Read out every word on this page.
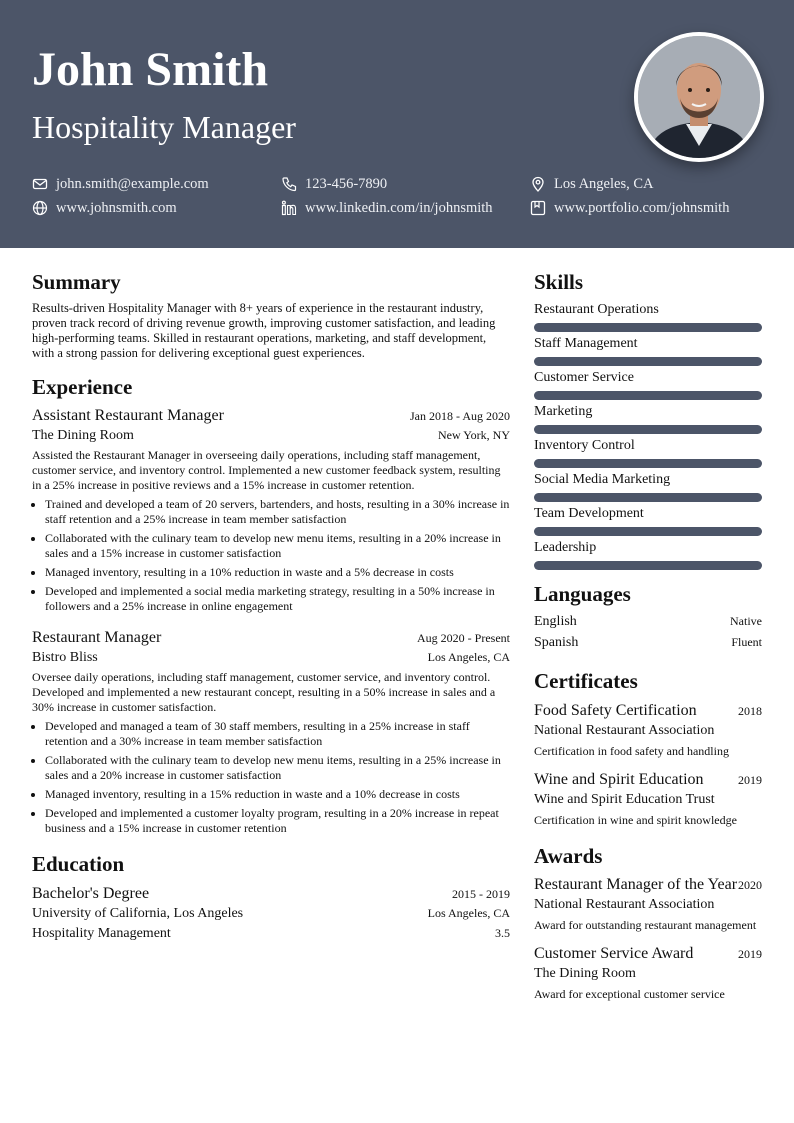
John Smith
Hospitality Manager
john.smith@example.com	123-456-7890	Los Angeles, CA
www.johnsmith.com	www.linkedin.com/in/johnsmith	www.portfolio.com/johnsmith
Summary
Results-driven Hospitality Manager with 8+ years of experience in the restaurant industry, proven track record of driving revenue growth, improving customer satisfaction, and leading high-performing teams. Skilled in restaurant operations, marketing, and staff development, with a strong passion for delivering exceptional guest experiences.
Experience
Assistant Restaurant Manager	Jan 2018 - Aug 2020
The Dining Room	New York, NY
Assisted the Restaurant Manager in overseeing daily operations, including staff management, customer service, and inventory control. Implemented a new customer feedback system, resulting in a 25% increase in positive reviews and a 15% increase in customer retention.
• Trained and developed a team of 20 servers, bartenders, and hosts, resulting in a 30% increase in staff retention and a 25% increase in team member satisfaction
• Collaborated with the culinary team to develop new menu items, resulting in a 20% increase in sales and a 15% increase in customer satisfaction
• Managed inventory, resulting in a 10% reduction in waste and a 5% decrease in costs
• Developed and implemented a social media marketing strategy, resulting in a 50% increase in followers and a 25% increase in online engagement
Restaurant Manager	Aug 2020 - Present
Bistro Bliss	Los Angeles, CA
Oversee daily operations, including staff management, customer service, and inventory control. Developed and implemented a new restaurant concept, resulting in a 50% increase in sales and a 30% increase in customer satisfaction.
• Developed and managed a team of 30 staff members, resulting in a 25% increase in staff retention and a 30% increase in team member satisfaction
• Collaborated with the culinary team to develop new menu items, resulting in a 25% increase in sales and a 20% increase in customer satisfaction
• Managed inventory, resulting in a 15% reduction in waste and a 10% decrease in costs
• Developed and implemented a customer loyalty program, resulting in a 20% increase in repeat business and a 15% increase in customer retention
Education
Bachelor's Degree	2015 - 2019
University of California, Los Angeles	Los Angeles, CA
Hospitality Management	3.5
Skills
Restaurant Operations
Staff Management
Customer Service
Marketing
Inventory Control
Social Media Marketing
Team Development
Leadership
Languages
English	Native
Spanish	Fluent
Certificates
Food Safety Certification	2018
National Restaurant Association
Certification in food safety and handling
Wine and Spirit Education	2019
Wine and Spirit Education Trust
Certification in wine and spirit knowledge
Awards
Restaurant Manager of the Year 2020
National Restaurant Association
Award for outstanding restaurant management
Customer Service Award	2019
The Dining Room
Award for exceptional customer service
